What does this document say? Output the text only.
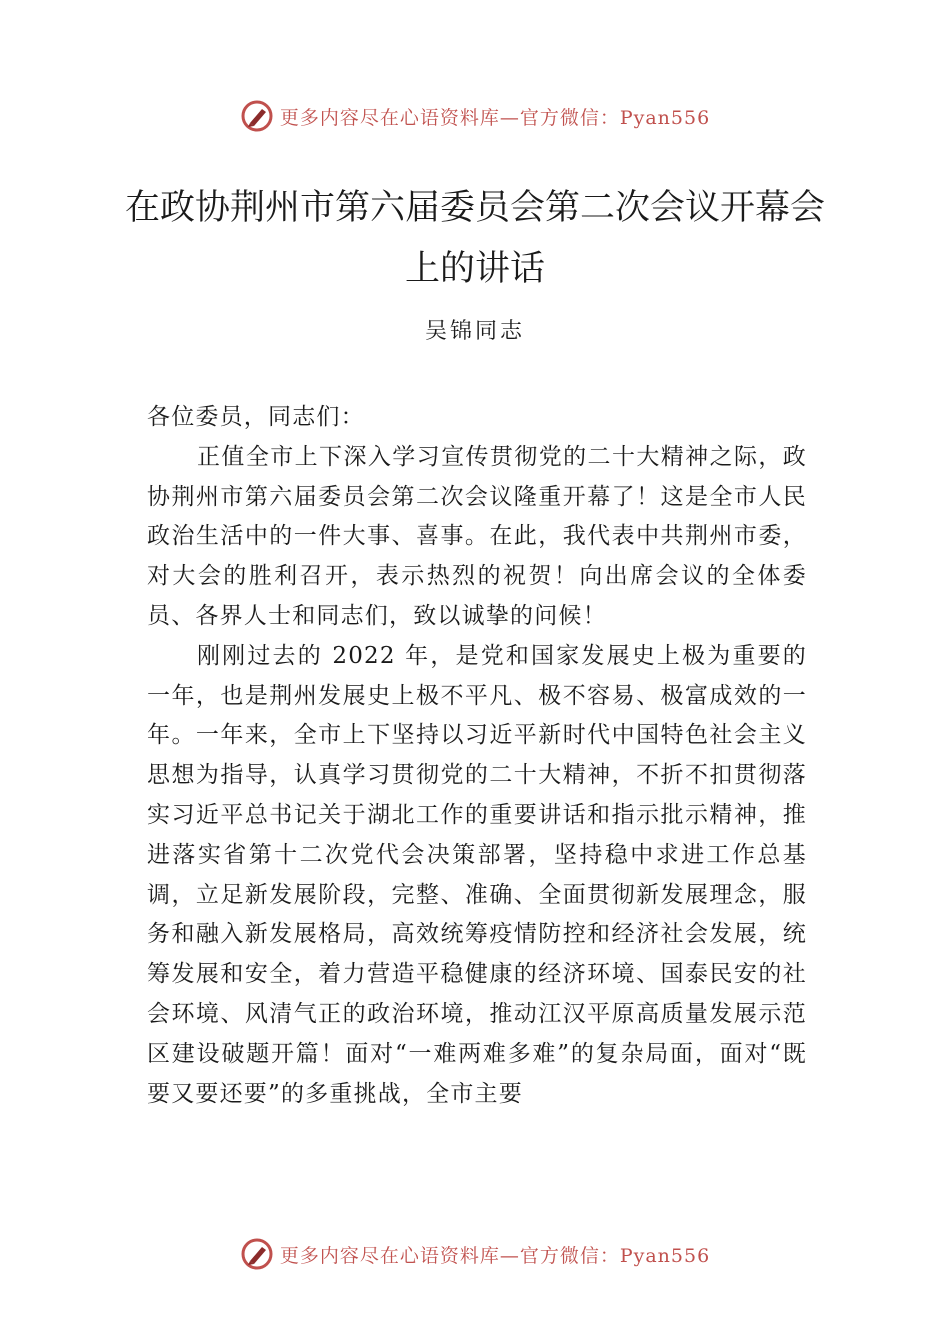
更多内容尽在心语资料库—官方微信：Pyan556
在政协荆州市第六届委员会第二次会议开幕会上的讲话
吴锦同志

各位委员，同志们：

正值全市上下深入学习宣传贯彻党的二十大精神之际，政协荆州市第六届委员会第二次会议隆重开幕了！这是全市人民政治生活中的一件大事、喜事。在此，我代表中共荆州市委，对大会的胜利召开，表示热烈的祝贺！向出席会议的全体委员、各界人士和同志们，致以诚挚的问候！

刚刚过去的 2022 年，是党和国家发展史上极为重要的一年，也是荆州发展史上极不平凡、极不容易、极富成效的一年。一年来，全市上下坚持以习近平新时代中国特色社会主义思想为指导，认真学习贯彻党的二十大精神，不折不扣贯彻落实习近平总书记关于湖北工作的重要讲话和指示批示精神，推进落实省第十二次党代会决策部署，坚持稳中求进工作总基调，立足新发展阶段，完整、准确、全面贯彻新发展理念，服务和融入新发展格局，高效统筹疫情防控和经济社会发展，统筹发展和安全，着力营造平稳健康的经济环境、国泰民安的社会环境、风清气正的政治环境，推动江汉平原高质量发展示范区建设破题开篇！面对“一难两难多难”的复杂局面，面对“既要又要还要”的多重挑战，全市主要

更多内容尽在心语资料库—官方微信：Pyan556
